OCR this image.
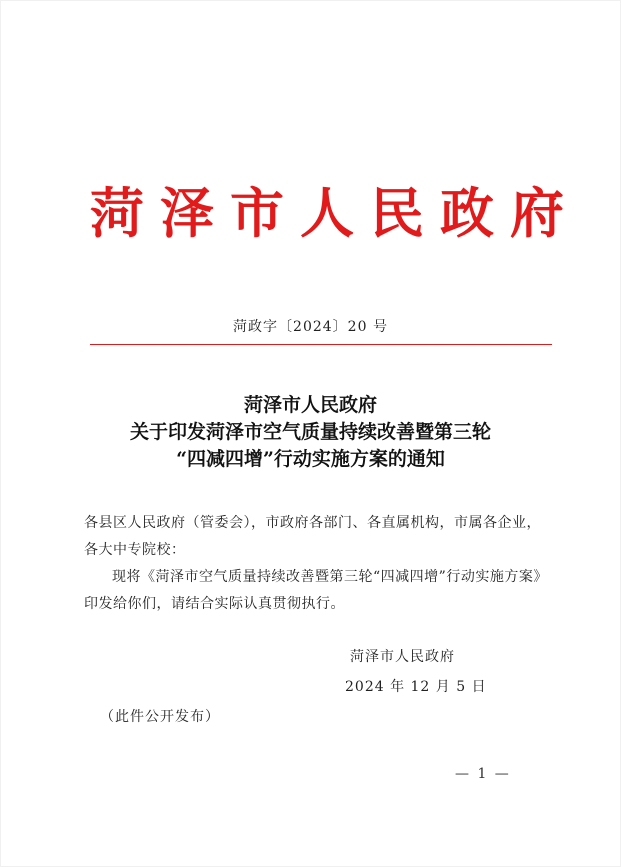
菏泽市人民政府
菏政字〔2024〕20 号
菏泽市人民政府
关于印发菏泽市空气质量持续改善暨第三轮
“四减四增”行动实施方案的通知

各县区人民政府（管委会），市政府各部门、各直属机构，市属各企业，各大中专院校：

现将《菏泽市空气质量持续改善暨第三轮“四减四增”行动实施方案》印发给你们，请结合实际认真贯彻执行。

菏泽市人民政府
2024 年 12 月 5 日
（此件公开发布）
— 1 —
